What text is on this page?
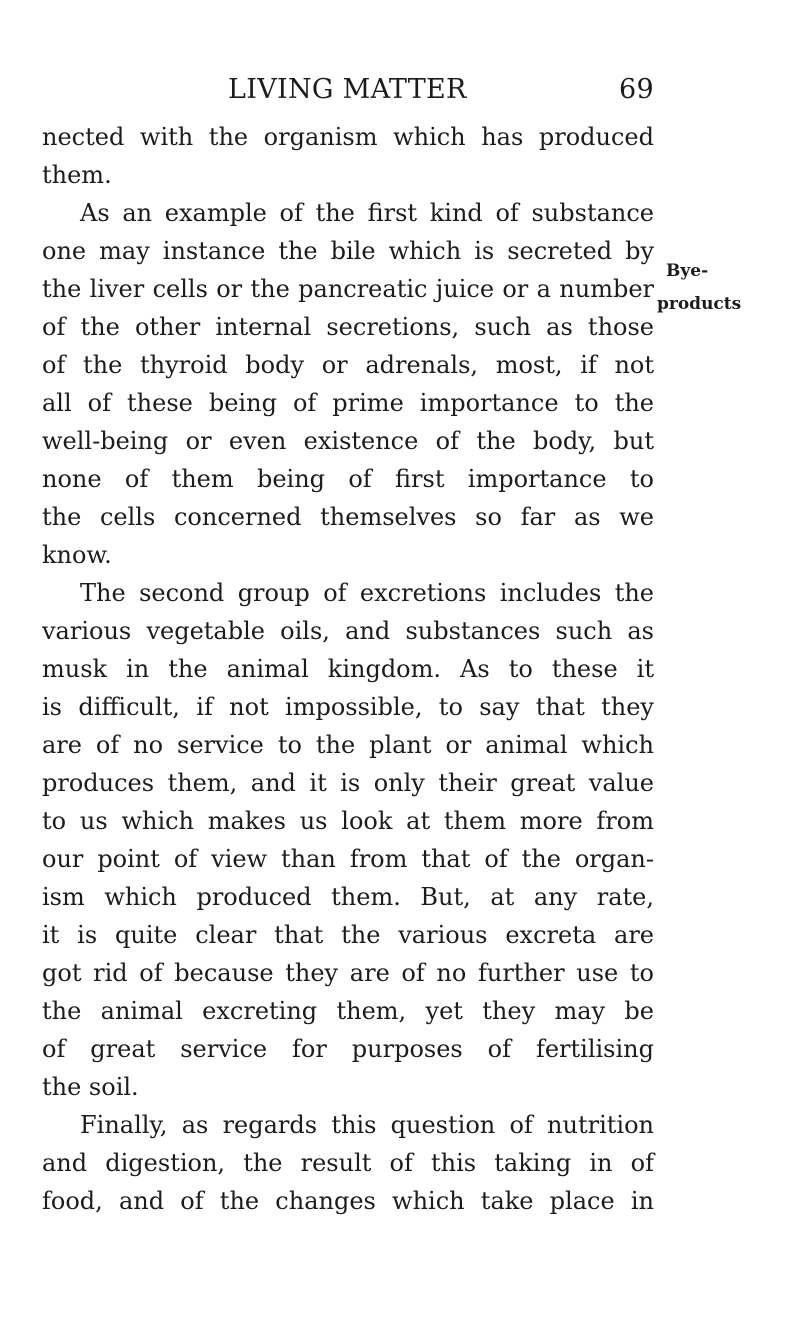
LIVING MATTER	69
nected with the organism which has produced
them.
As an example of the first kind of substance
one may instance the bile which is secreted by
the liver cells or the pancreatic juice or a number
of the other internal secretions, such as those
of the thyroid body or adrenals, most, if not
all of these being of prime importance to the
well-being or even existence of the body, but
none of them being of first importance to
the cells concerned themselves so far as we
know.
The second group of excretions includes the
various vegetable oils, and substances such as
musk in the animal kingdom. As to these it
is difficult, if not impossible, to say that they
are of no service to the plant or animal which
produces them, and it is only their great value
to us which makes us look at them more from
our point of view than from that of the organ-
ism which produced them. But, at any rate,
it is quite clear that the various excreta are
got rid of because they are of no further use to
the animal excreting them, yet they may be
of great service for purposes of fertilising
the soil.
Finally, as regards this question of nutrition
and digestion, the result of this taking in of
food, and of the changes which take place in
Bye-
products
